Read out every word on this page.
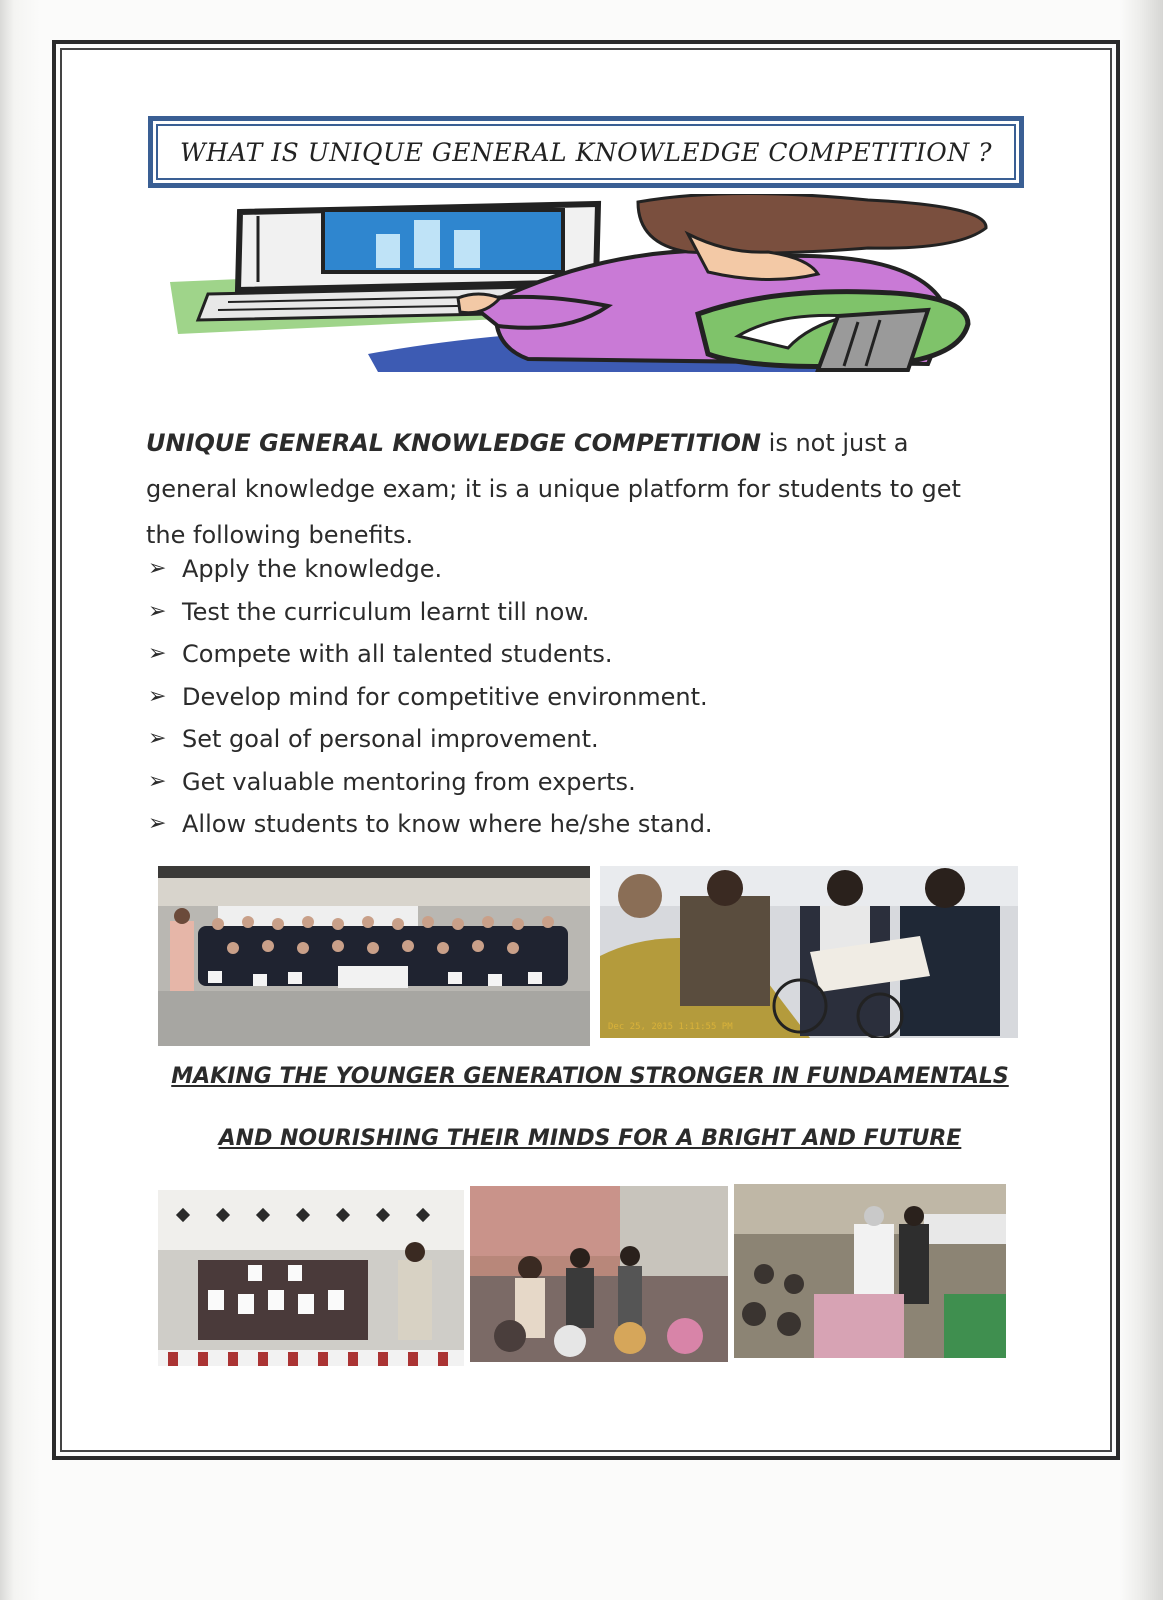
WHAT IS UNIQUE GENERAL KNOWLEDGE COMPETITION ?

UNIQUE GENERAL KNOWLEDGE COMPETITION is not just a general knowledge exam; it is a unique platform for students to get the following benefits.

➢ Apply the knowledge.
➢ Test the curriculum learnt till now.
➢ Compete with all talented students.
➢ Develop mind for competitive environment.
➢ Set goal of personal improvement.
➢ Get valuable mentoring from experts.
➢ Allow students to know where he/she stand.
Dec 25, 2015 1:11:55 PM
MAKING THE YOUNGER GENERATION STRONGER IN FUNDAMENTALS
AND NOURISHING THEIR MINDS FOR A BRIGHT AND FUTURE
